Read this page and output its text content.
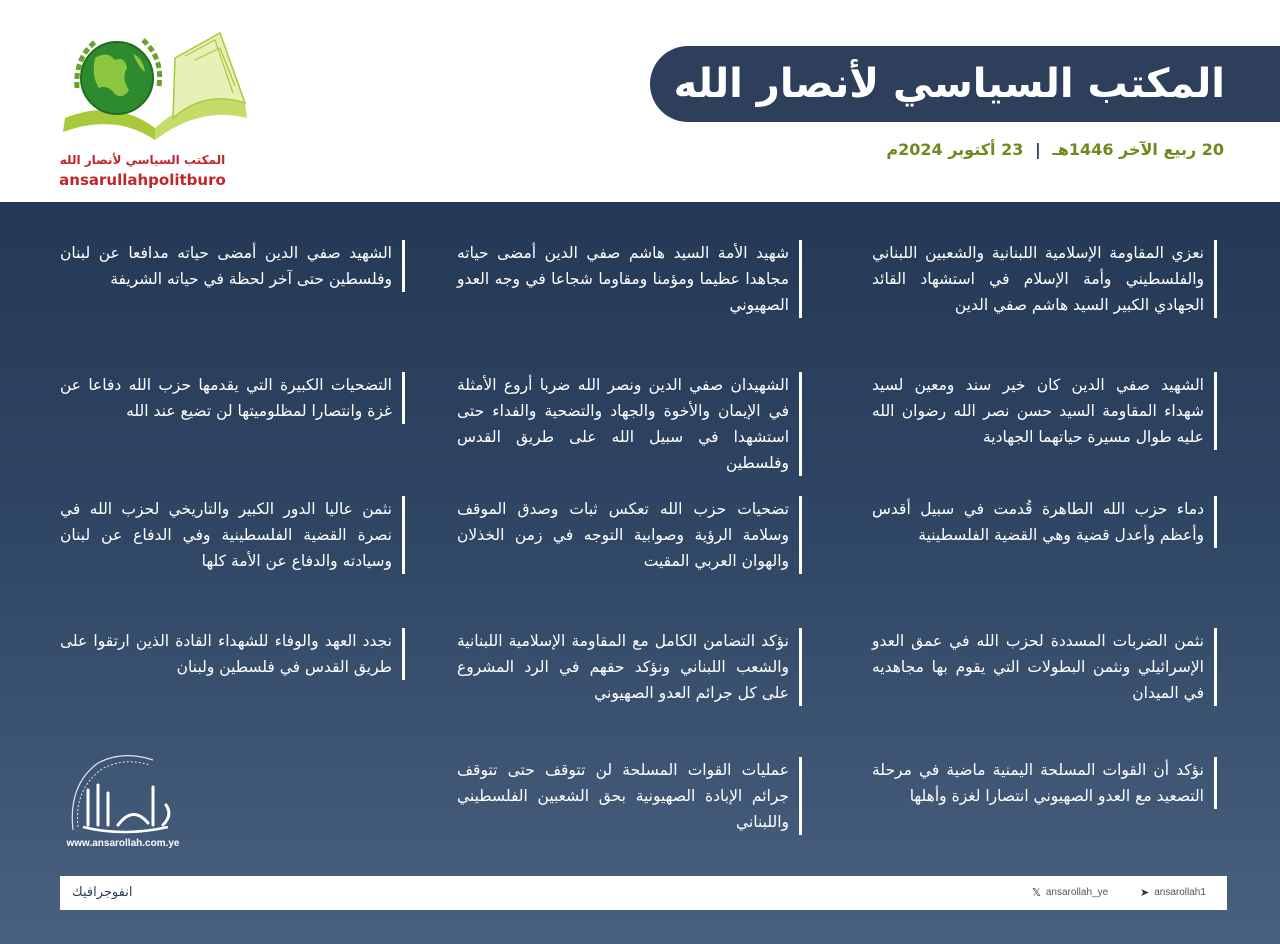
المكتب السياسي لأنصار الله
ansarullahpolitburo
المكتب السياسي لأنصار الله
20 ربيع الآخر 1446هـ | 23 أكتوبر 2024م
نعزي المقاومة الإسلامية اللبنانية والشعبين اللبناني والفلسطيني وأمة الإسلام في استشهاد القائد الجهادي الكبير السيد هاشم صفي الدين
الشهيد صفي الدين كان خير سند ومعين لسيد شهداء المقاومة السيد حسن نصر الله رضوان الله عليه طوال مسيرة حياتهما الجهادية
دماء حزب الله الطاهرة قُدمت في سبيل أقدس وأعظم وأعدل قضية وهي القضية الفلسطينية
نثمن الضربات المسددة لحزب الله في عمق العدو الإسرائيلي ونثمن البطولات التي يقوم بها مجاهديه في الميدان
نؤكد أن القوات المسلحة اليمنية ماضية في مرحلة التصعيد مع العدو الصهيوني انتصارا لغزة وأهلها
شهيد الأمة السيد هاشم صفي الدين أمضى حياته مجاهدا عظيما ومؤمنا ومقاوما شجاعا في وجه العدو الصهيوني
الشهيدان صفي الدين ونصر الله ضربا أروع الأمثلة في الإيمان والأخوة والجهاد والتضحية والفداء حتى استشهدا في سبيل الله على طريق القدس وفلسطين
تضحيات حزب الله تعكس ثبات وصدق الموقف وسلامة الرؤية وصوابية التوجه في زمن الخذلان والهوان العربي المقيت
نؤكد التضامن الكامل مع المقاومة الإسلامية اللبنانية والشعب اللبناني ونؤكد حقهم في الرد المشروع على كل جرائم العدو الصهيوني
عمليات القوات المسلحة لن تتوقف حتى تتوقف جرائم الإبادة الصهيونية بحق الشعبين الفلسطيني واللبناني
الشهيد صفي الدين أمضى حياته مدافعا عن لبنان وفلسطين حتى آخر لحظة في حياته الشريفة
التضحيات الكبيرة التي يقدمها حزب الله دفاعا عن غزة وانتصارا لمظلوميتها لن تضيع عند الله
نثمن عاليا الدور الكبير والتاريخي لحزب الله في نصرة القضية الفلسطينية وفي الدفاع عن لبنان وسيادته والدفاع عن الأمة كلها
نجدد العهد والوفاء للشهداء القادة الذين ارتقوا على طريق القدس في فلسطين ولبنان
www.ansarollah.com.ye
انفوجرافيك	𝕏 ansarollah_ye	➤ ansarollah1
